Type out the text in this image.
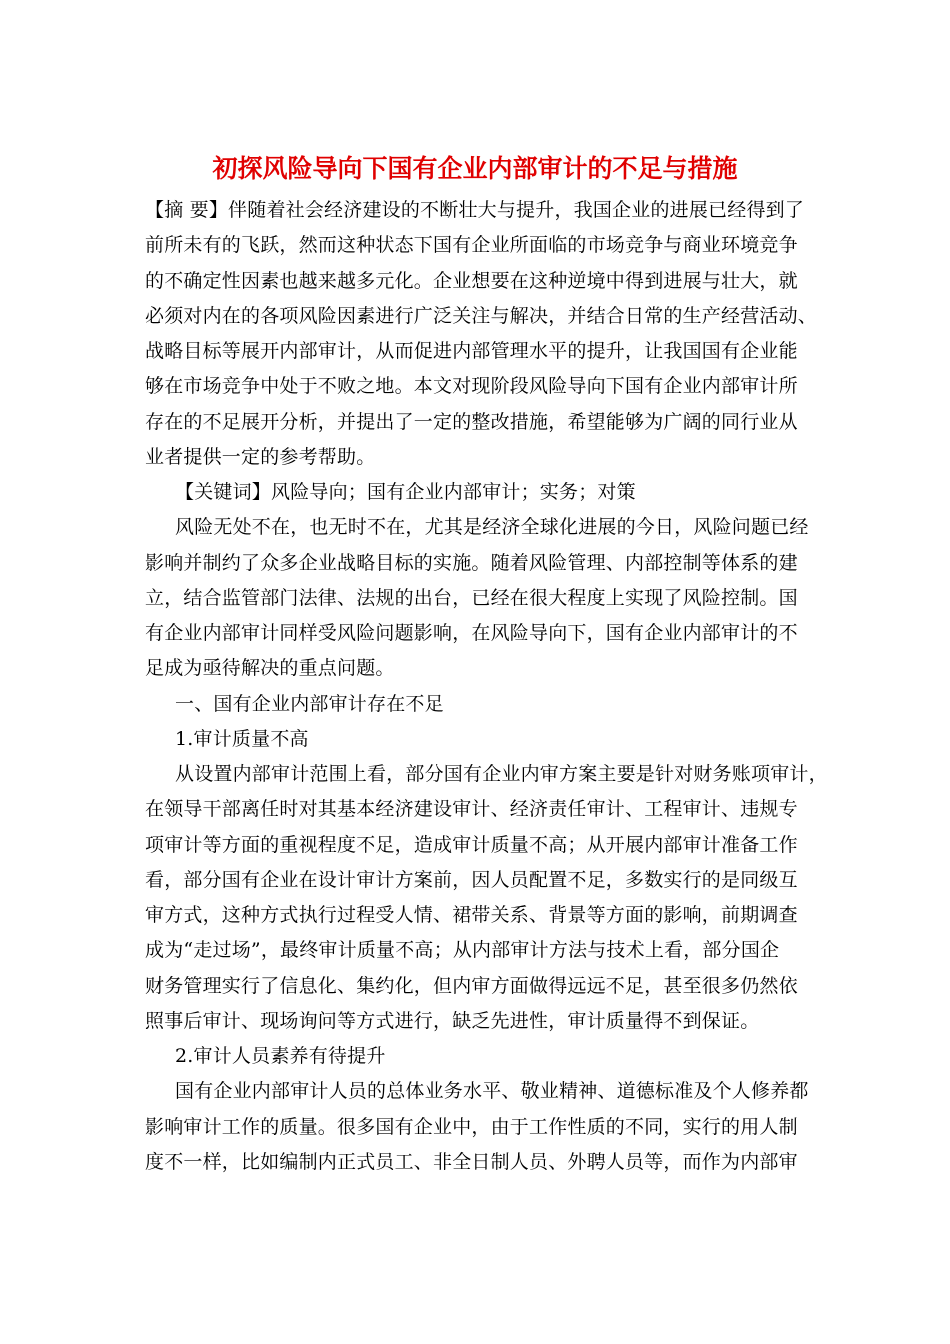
初探风险导向下国有企业内部审计的不足与措施
【摘 要】伴随着社会经济建设的不断壮大与提升，我国企业的进展已经得到了
前所未有的飞跃，然而这种状态下国有企业所面临的市场竞争与商业环境竞争
的不确定性因素也越来越多元化。企业想要在这种逆境中得到进展与壮大，就
必须对内在的各项风险因素进行广泛关注与解决，并结合日常的生产经营活动、
战略目标等展开内部审计，从而促进内部管理水平的提升，让我国国有企业能
够在市场竞争中处于不败之地。本文对现阶段风险导向下国有企业内部审计所
存在的不足展开分析，并提出了一定的整改措施，希望能够为广阔的同行业从
业者提供一定的参考帮助。
【关键词】风险导向；国有企业内部审计；实务；对策
风险无处不在，也无时不在，尤其是经济全球化进展的今日，风险问题已经
影响并制约了众多企业战略目标的实施。随着风险管理、内部控制等体系的建
立，结合监管部门法律、法规的出台，已经在很大程度上实现了风险控制。国
有企业内部审计同样受风险问题影响，在风险导向下，国有企业内部审计的不
足成为亟待解决的重点问题。
一、国有企业内部审计存在不足
1.审计质量不高
从设置内部审计范围上看，部分国有企业内审方案主要是针对财务账项审计，
在领导干部离任时对其基本经济建设审计、经济责任审计、工程审计、违规专
项审计等方面的重视程度不足，造成审计质量不高；从开展内部审计准备工作
看，部分国有企业在设计审计方案前，因人员配置不足，多数实行的是同级互
审方式，这种方式执行过程受人情、裙带关系、背景等方面的影响，前期调查
成为“走过场”，最终审计质量不高；从内部审计方法与技术上看，部分国企
财务管理实行了信息化、集约化，但内审方面做得远远不足，甚至很多仍然依
照事后审计、现场询问等方式进行，缺乏先进性，审计质量得不到保证。
2.审计人员素养有待提升
国有企业内部审计人员的总体业务水平、敬业精神、道德标准及个人修养都
影响审计工作的质量。很多国有企业中，由于工作性质的不同，实行的用人制
度不一样，比如编制内正式员工、非全日制人员、外聘人员等，而作为内部审
